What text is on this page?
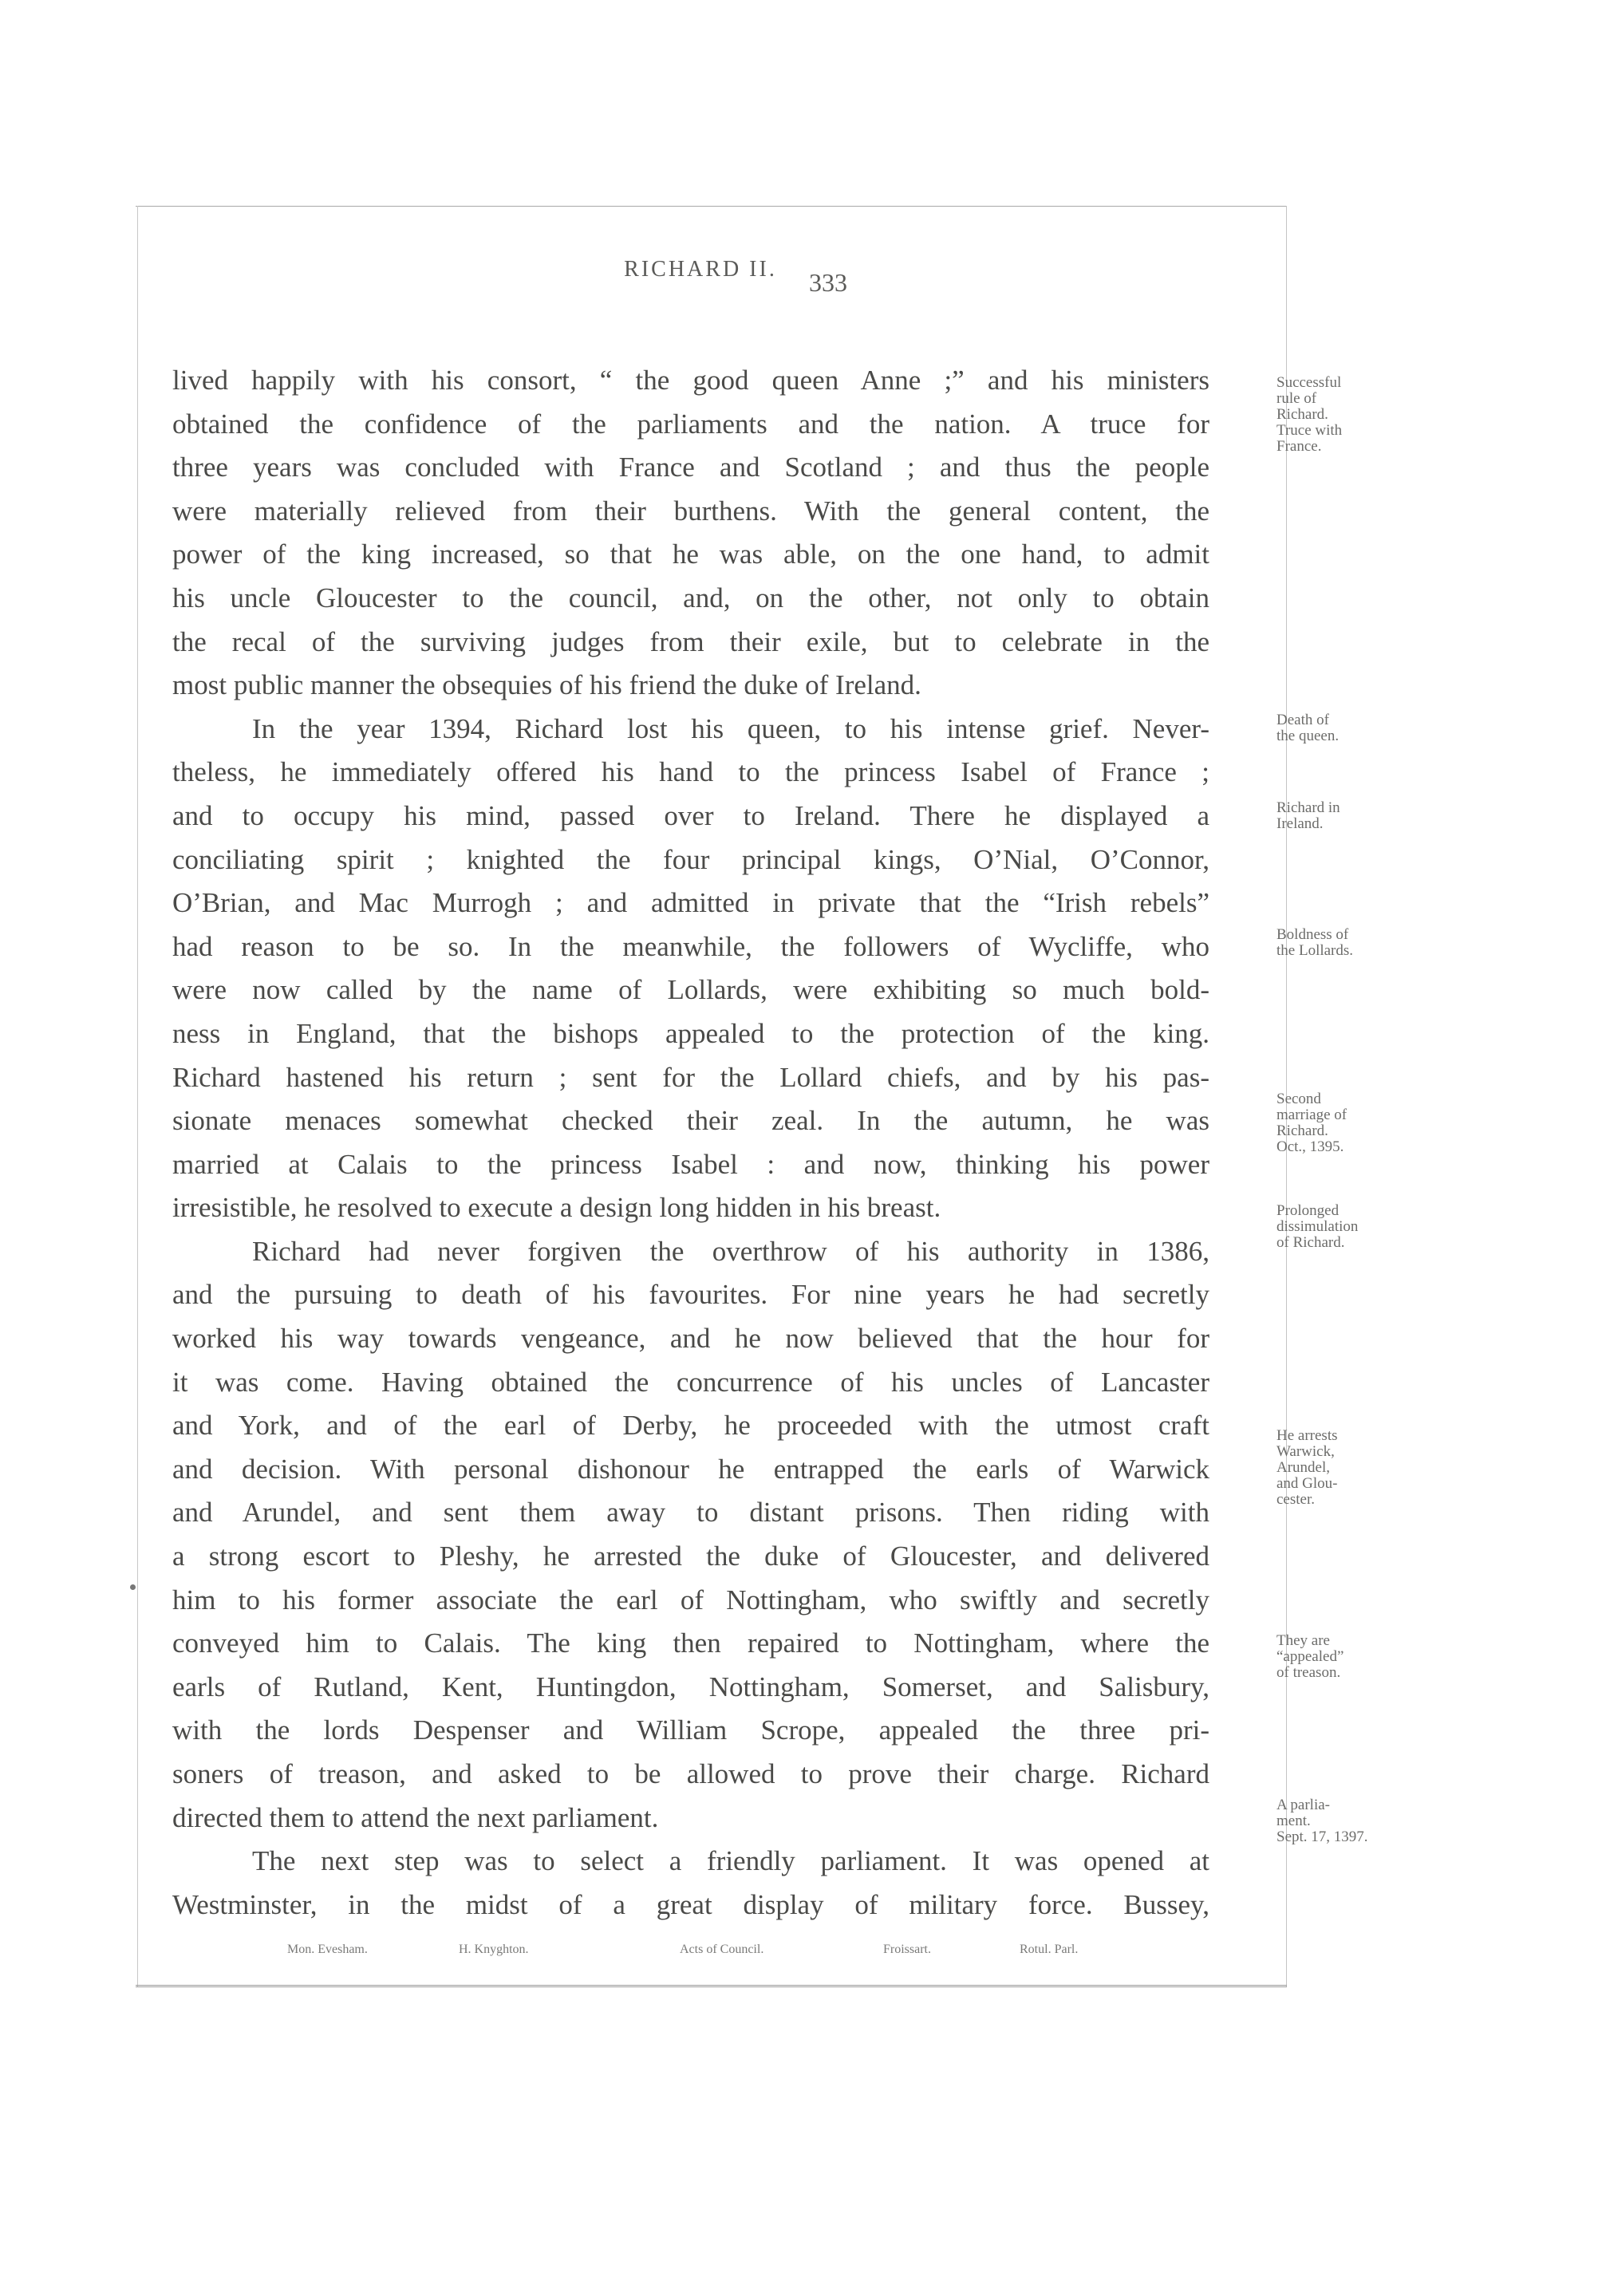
RICHARD II.	333

lived happily with his consort, “ the good queen Anne ;” and his ministers
obtained the confidence of the parliaments and the nation. A truce for
three years was concluded with France and Scotland ; and thus the people
were materially relieved from their burthens. With the general content, the
power of the king increased, so that he was able, on the one hand, to admit
his uncle Gloucester to the council, and, on the other, not only to obtain
the recal of the surviving judges from their exile, but to celebrate in the
most public manner the obsequies of his friend the duke of Ireland.

In the year 1394, Richard lost his queen, to his intense grief. Never-
theless, he immediately offered his hand to the princess Isabel of France ;
and to occupy his mind, passed over to Ireland. There he displayed a
conciliating spirit ; knighted the four principal kings, O’Nial, O’Connor,
O’Brian, and Mac Murrogh ; and admitted in private that the “Irish rebels”
had reason to be so. In the meanwhile, the followers of Wycliffe, who
were now called by the name of Lollards, were exhibiting so much bold-
ness in England, that the bishops appealed to the protection of the king.
Richard hastened his return ; sent for the Lollard chiefs, and by his pas-
sionate menaces somewhat checked their zeal. In the autumn, he was
married at Calais to the princess Isabel : and now, thinking his power
irresistible, he resolved to execute a design long hidden in his breast.

Richard had never forgiven the overthrow of his authority in 1386,
and the pursuing to death of his favourites. For nine years he had secretly
worked his way towards vengeance, and he now believed that the hour for
it was come. Having obtained the concurrence of his uncles of Lancaster
and York, and of the earl of Derby, he proceeded with the utmost craft
and decision. With personal dishonour he entrapped the earls of Warwick
and Arundel, and sent them away to distant prisons. Then riding with
a strong escort to Pleshy, he arrested the duke of Gloucester, and delivered
him to his former associate the earl of Nottingham, who swiftly and secretly
conveyed him to Calais. The king then repaired to Nottingham, where the
earls of Rutland, Kent, Huntingdon, Nottingham, Somerset, and Salisbury,
with the lords Despenser and William Scrope, appealed the three pri-
soners of treason, and asked to be allowed to prove their charge. Richard
directed them to attend the next parliament.

The next step was to select a friendly parliament. It was opened at
Westminster, in the midst of a great display of military force. Bussey,

Successful
rule of
Richard.
Truce with
France.
Death of
the queen.
Richard in
Ireland.
Boldness of
the Lollards.
Second
marriage of
Richard.
Oct., 1395.
Prolonged
dissimulation
of Richard.
He arrests
Warwick,
Arundel,
and Glou-
cester.
They are
“appealed”
of treason.
A parlia-
ment.
Sept. 17, 1397.
Mon. Evesham.	H. Knyghton.	Acts of Council.	Froissart.	Rotul. Parl.
